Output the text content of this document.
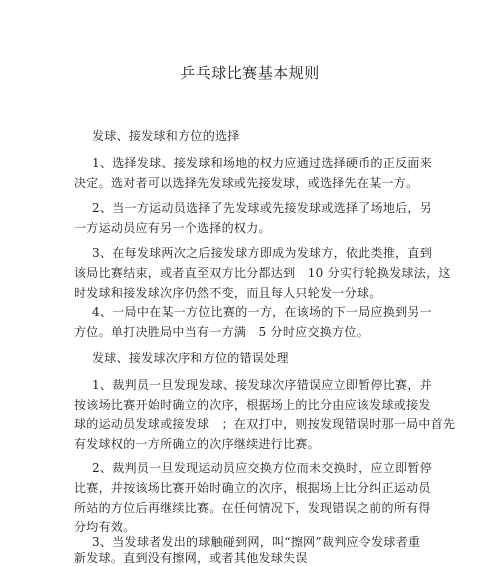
乒乓球比赛基本规则

发球、接发球和方位的选择

1、选择发球、接发球和场地的权力应通过选择硬币的正反面来

决定。选对者可以选择先发球或先接发球，或选择先在某一方。

2、当一方运动员选择了先发球或先接发球或选择了场地后，另

一方运动员应有另一个选择的权力。

3、在每发球两次之后接发球方即成为发球方，依此类推，直到

该局比赛结束，或者直至双方比分都达到　10 分实行轮换发球法，这

时发球和接发球次序仍然不变，而且每人只轮发一分球。

4、一局中在某一方位比赛的一方，在该场的下一局应换到另一

方位。单打决胜局中当有一方满　5 分时应交换方位。

发球、接发球次序和方位的错误处理

1、裁判员一旦发现发球、接发球次序错误应立即暂停比赛，并

按该场比赛开始时确立的次序，根据场上的比分由应该发球或接发

球的运动员发球或接发球　；在双打中，则按发现错误时那一局中首先

有发球权的一方所确立的次序继续进行比赛。

2、裁判员一旦发现运动员应交换方位而未交换时，应立即暂停

比赛，并按该场比赛开始时确立的次序，根据场上比分纠正运动员

所站的方位后再继续比赛。在任何情况下，发现错误之前的所有得

分均有效。

3、当发球者发出的球触碰到网，叫“擦网”裁判应令发球者重

新发球。直到没有擦网，或者其他发球失误
